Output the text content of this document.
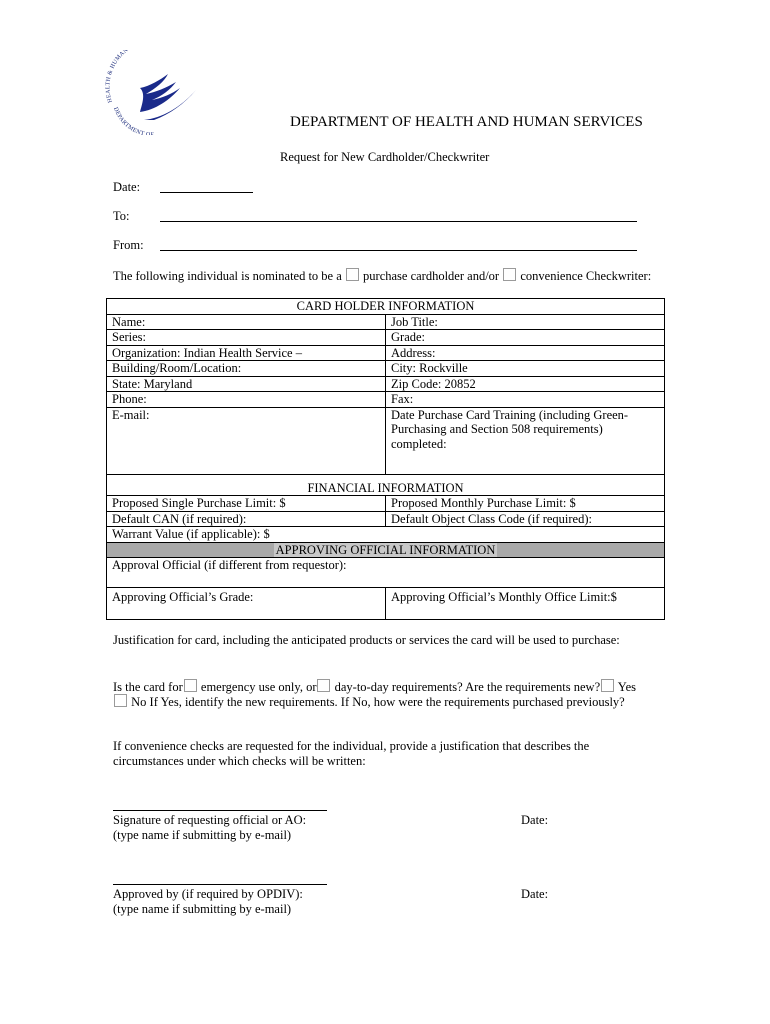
HEALTH & HUMAN
DEPARTMENT O
DEPARTMENT OF HEALTH AND HUMAN SERVICES
Request for New Cardholder/Checkwriter
Date:
To:
From:
The following individual is nominated to be a purchase cardholder and/or convenience Checkwriter:
CARD HOLDER INFORMATION	
Name:	Job Title:
Series:	Grade:
Organization: Indian Health Service –	Address:
Building/Room/Location:	City: Rockville
State: Maryland	Zip Code: 20852
Phone:	Fax:
E-mail:	Date Purchase Card Training (including Green-Purchasing and Section 508 requirements) completed:

FINANCIAL INFORMATION	
Proposed Single Purchase Limit: $	Proposed Monthly Purchase Limit: $
Default CAN (if required):	Default Object Class Code (if required):
Warrant Value (if applicable): $	
APPROVING OFFICIAL INFORMATION	
Approval Official (if different from requestor):	
Approving Official’s Grade:	Approving Official’s Monthly Office Limit:$
Justification for card, including the anticipated products or services the card will be used to purchase:
Is the card for emergency use only, or day-to-day requirements? Are the requirements new? Yes
No If Yes, identify the new requirements. If No, how were the requirements purchased previously?
If convenience checks are requested for the individual, provide a justification that describes the
circumstances under which checks will be written:
Signature of requesting official or AO:
(type name if submitting by e-mail)
Date:
Approved by (if required by OPDIV):
(type name if submitting by e-mail)
Date:
